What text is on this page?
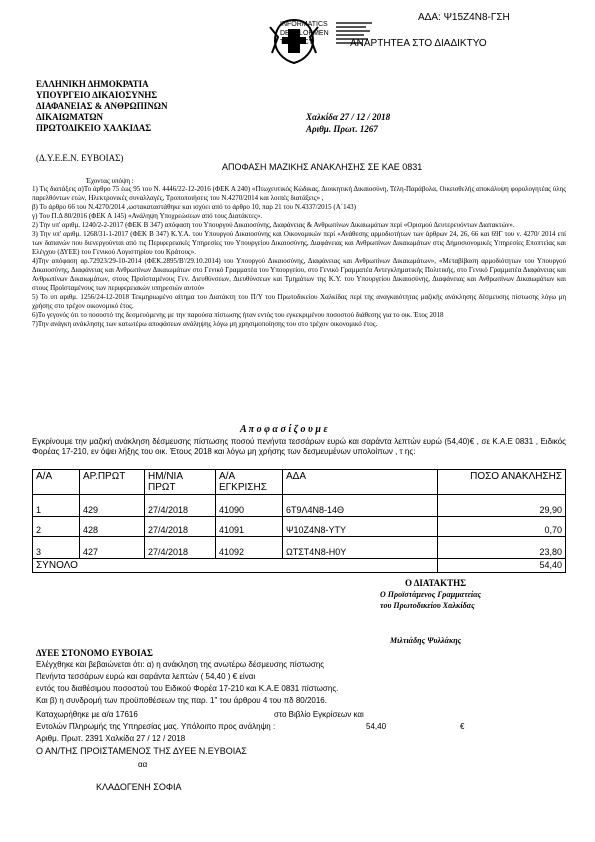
ΑΔΑ: Ψ15Ζ4Ν8-ΓΣΗ
INFORMATICS
DEVELOPMEN
TAGENCY	ΑΝΑΡΤΗΤΕΑ ΣΤΟ ΔΙΑΔΙΚΤΥΟ
ΕΛΛΗΝΙΚΗ ΔΗΜΟΚΡΑΤΙΑ
ΥΠΟΥΡΓΕΙΟ ΔΙΚΑΙΟΣΥΝΗΣ
ΔΙΑΦΑΝΕΙΑΣ & ΑΝΘΡΩΠΙΝΩΝ
ΔΙΚΑΙΩΜΑΤΩΝ
ΠΡΩΤΟΔΙΚΕΙΟ ΧΑΛΚΙΔΑΣ
Χαλκίδα 27 / 12 / 2018
Αριθμ. Πρωτ. 1267
(Δ.Υ.Ε.Ε.Ν. ΕΥΒΟΙΑΣ)
ΑΠΟΦΑΣΗ ΜΑΖΙΚΗΣ ΑΝΑΚΛΗΣΗΣ ΣΕ ΚΑΕ 0831
Έχοντας υπόψη :
1) Τις διατάξεις α)Το άρθρο 75 έως 95 του Ν. 4446/22-12-2016 (ΦΕΚ Α 240) «Πτωχευτικός Κώδικας, Διοικητική Δικαιοσύνη, Τέλη-Παράβολα, Οικειοθελής αποκάλυψη φορολογητέας ύλης παρελθόντων ετών, Ηλεκτρονικές συναλλαγές, Τροποποιήσεις του Ν.4270/2014 και λοιπές διατάξεις» ,
β) Το άρθρο 66 του Ν.4270/2014 ,ωστακαταστάθηκε και ισχύει από το άρθρο 10, παρ 21 του Ν.4337/2015 (Α΄143)
γ) Του Π.Δ 80/2016 (ΦΕΚ Α 145) «Ανάληψη Υποχρεώσεων από τους Διατάκτες».
2) Την υπ' αριθμ. 1240/2-2-2017 (ΦΕΚ Β 347) απόφαση του Υπουργού Δικαιοσύνης, Διαφάνειας & Ανθρωπίνων Δικαιωμάτων περί «Ορισμού Δευτερευόντων Διατακτών».
3) Την υπ' αριθμ. 1268/31-1-2017 (ΦΕΚ Β 347) Κ.Υ.Α. του Υπουργού Δικαιοσύνης και Οικονομικών περί «Ανάθεσης αρμοδιοτήτων των άρθρων 24, 26, 66 και 69Γ του ν. 4270/ 2014 επί των δαπανών που διενεργούνται από τις Περιφερειακές Υπηρεσίες του Υπουργείου Δικαιοσύνης, Διαφάνειας και Ανθρωπίνων Δικαιωμάτων στις Δημοσιονομικές Υπηρεσίες Εποπτείας και Ελέγχου (ΔΥΕΕ) του Γενικού Λογιστηρίου του Κράτους».
4)Την απόφαση αρ.72923/29-10-2014 (ΦΕΚ.2895/Β'/29.10.2014) του Υπουργού Δικαιοσύνης, Διαφάνειας και Ανθρωπίνων Δικαιωμάτων», «Μεταβίβαση αρμοδιότητων του Υπουργού Δικαιοσύνης, Διαφάνειας και Ανθρωπίνων Δικαιωμάτων στο Γενικό Γραμματέα του Υπουργείου, στο Γενικό Γραμματέα Αντεγκληματικής Πολιτικής, στο Γενικό Γραμματέα Διαφάνειας και Ανθρωπίνων Δικαιωμάτων, στους Προϊσταμένους Γεν. Διευθύνσεων, Διευθύνσεων και Τμημάτων της Κ.Υ. του Υπουργείου Δικαιοσύνης, Διαφάνειας και Ανθρωπίνων Δικαιωμάτων και στους Προϊσταμένους των περιφερειακών υπηρεσιών αυτού»
5) Το υπ αριθμ. 1256/24-12-2018 Τεκμηριωμένο αίτημα του Διατάκτη του Π/Υ του Πρωτοδικείου Χαλκίδας περί της αναγκαιότητας μαζικής ανάκλησης δέσμευσης πίστωσης λόγω μη χρήσης στο τρέχον οικονομικό έτος.
6)Το γεγονός ότι το ποσοστό της δεσμευόμενης με την παρούσα πίστωσης ήταν εντός του εγκεκριμένου ποσοστού διάθεσης για το οικ. Έτος 2018
7)Την ανάγκη ανάκλησης των κατωτέρω αποφάσεων ανάληψης λόγω μη χρησιμοποίησης του στο τρέχον οικονομικό έτος.
Α π ο φ α σ ί ζ ο υ μ ε
Εγκρίνουμε την μαζική ανάκληση δέσμευσης πίστωσης ποσού πενήντα τεσσάρων ευρώ και σαράντα λεπτών ευρώ (54,40)€ , σε Κ.Α.Ε 0831 , Ειδικός Φορέας 17-210, εν όψει λήξης του οικ. Έτους 2018 και λόγω μη χρήσης των δεσμευμένων υπολοίπων , τ ης:
Α/Α	ΑΡ.ΠΡΩΤ	ΗΜ/ΝΙΑ ΠΡΩΤ	Α/Α ΕΓΚΡΙΣΗΣ	ΑΔΑ	ΠΟΣΟ ΑΝΑΚΛΗΣΗΣ
1	429	27/4/2018	41090	6Τ9Λ4Ν8-14Θ	29,90
2	428	27/4/2018	41091	Ψ10Ζ4Ν8-ΥΤΥ	0,70
3	427	27/4/2018	41092	ΩΤΣΤ4Ν8-Η0Υ	23,80
ΣΥΝΟΛΟ					54,40
Ο ΔΙΑΤΑΚΤΗΣ
Ο Προϊστάμενος Γραμματείας
του Πρωτοδικείου Χαλκίδας
Μιλτιάδης Ψυλλάκης
ΔΥΕΕ ΣΤΟΝΟΜΟ ΕΥΒΟΙΑΣ
Ελέγχθηκε και βεβαιώνεται ότι: α) η ανάκληση της ανωτέρω δέσμευσης πίστωσης
Πενήντα τεσσάρων ευρώ και σαράντα λεπτών ( 54,40 ) € είναι
εντός του διαθέσιμου ποσοστού του Ειδικού Φορέα 17-210 και Κ.Α.Ε 0831 πίστωσης.
Και β) η συνδρομή των προϋποθέσεων της παρ. 1" του άρθρου 4 του πδ 80/2016.
Καταχωρήθηκε με α/α 17616	στο Βιβλίο Εγκρίσεων και
Εντολών Πληρωμής της Υπηρεσίας μας. Υπόλοιπο προς ανάληψη :	54,40	€
Αριθμ. Πρωτ. 2391 Χαλκίδα 27 / 12 / 2018
Ο ΑΝ/ΤΗΣ ΠΡΟΙΣΤΑΜΕΝΟΣ ΤΗΣ ΔΥΕΕ Ν.ΕΥΒΟΙΑΣ
αα
ΚΛΑΔΟΓΕΝΗ ΣΟΦΙΑ
